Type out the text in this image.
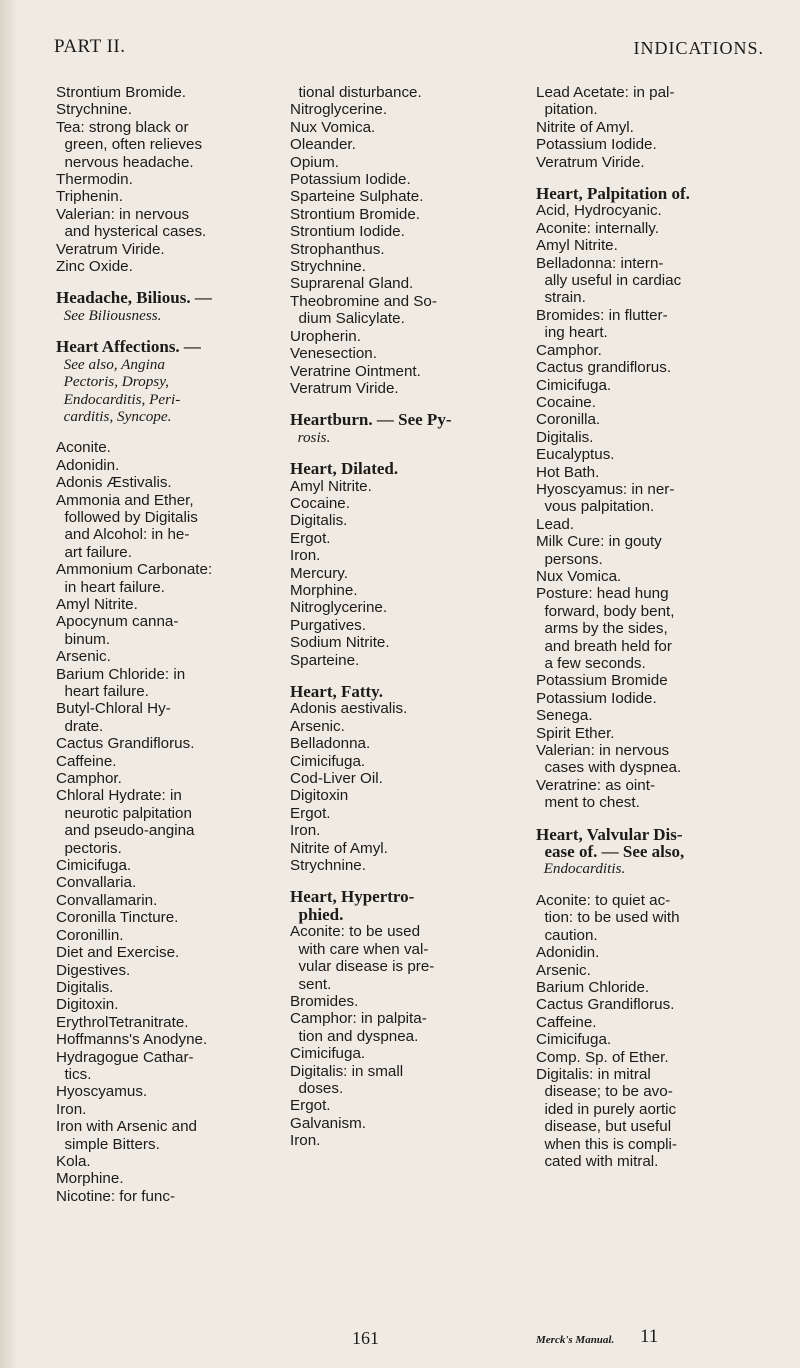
PART II.	INDICATIONS.
Strontium Bromide.
Strychnine.
Tea: strong black or
green, often relieves
nervous headache.
Thermodin.
Triphenin.
Valerian: in nervous
and hysterical cases.
Veratrum Viride.
Zinc Oxide.
Headache, Bilious. —
See Biliousness.
Heart Affections. —
See also, Angina
Pectoris, Dropsy,
Endocarditis, Peri-
carditis, Syncope.
Aconite.
Adonidin.
Adonis Æstivalis.
Ammonia and Ether,
followed by Digitalis
and Alcohol: in he-
art failure.
Ammonium Carbonate:
in heart failure.
Amyl Nitrite.
Apocynum canna-
binum.
Arsenic.
Barium Chloride: in
heart failure.
Butyl-Chloral Hy-
drate.
Cactus Grandiflorus.
Caffeine.
Camphor.
Chloral Hydrate: in
neurotic palpitation
and pseudo-angina
pectoris.
Cimicifuga.
Convallaria.
Convallamarin.
Coronilla Tincture.
Coronillin.
Diet and Exercise.
Digestives.
Digitalis.
Digitoxin.
ErythrolTetranitrate.
Hoffmanns's Anodyne.
Hydragogue Cathar-
tics.
Hyoscyamus.
Iron.
Iron with Arsenic and
simple Bitters.
Kola.
Morphine.
Nicotine: for func-
tional disturbance.
Nitroglycerine.
Nux Vomica.
Oleander.
Opium.
Potassium Iodide.
Sparteine Sulphate.
Strontium Bromide.
Strontium Iodide.
Strophanthus.
Strychnine.
Suprarenal Gland.
Theobromine and So-
dium Salicylate.
Uropherin.
Venesection.
Veratrine Ointment.
Veratrum Viride.
Heartburn. — See Py-
rosis.
Heart, Dilated.
Amyl Nitrite.
Cocaine.
Digitalis.
Ergot.
Iron.
Mercury.
Morphine.
Nitroglycerine.
Purgatives.
Sodium Nitrite.
Sparteine.
Heart, Fatty.
Adonis aestivalis.
Arsenic.
Belladonna.
Cimicifuga.
Cod-Liver Oil.
Digitoxin
Ergot.
Iron.
Nitrite of Amyl.
Strychnine.
Heart, Hypertro-
phied.
Aconite: to be used
with care when val-
vular disease is pre-
sent.
Bromides.
Camphor: in palpita-
tion and dyspnea.
Cimicifuga.
Digitalis: in small
doses.
Ergot.
Galvanism.
Iron.
Lead Acetate: in pal-
pitation.
Nitrite of Amyl.
Potassium Iodide.
Veratrum Viride.
Heart, Palpitation of.
Acid, Hydrocyanic.
Aconite: internally.
Amyl Nitrite.
Belladonna: intern-
ally useful in cardiac
strain.
Bromides: in flutter-
ing heart.
Camphor.
Cactus grandiflorus.
Cimicifuga.
Cocaine.
Coronilla.
Digitalis.
Eucalyptus.
Hot Bath.
Hyoscyamus: in ner-
vous palpitation.
Lead.
Milk Cure: in gouty
persons.
Nux Vomica.
Posture: head hung
forward, body bent,
arms by the sides,
and breath held for
a few seconds.
Potassium Bromide
Potassium Iodide.
Senega.
Spirit Ether.
Valerian: in nervous
cases with dyspnea.
Veratrine: as oint-
ment to chest.
Heart, Valvular Dis-
ease of. — See also,
Endocarditis.
Aconite: to quiet ac-
tion: to be used with
caution.
Adonidin.
Arsenic.
Barium Chloride.
Cactus Grandiflorus.
Caffeine.
Cimicifuga.
Comp. Sp. of Ether.
Digitalis: in mitral
disease; to be avo-
ided in purely aortic
disease, but useful
when this is compli-
cated with mitral.
161	Merck's Manual. 11
